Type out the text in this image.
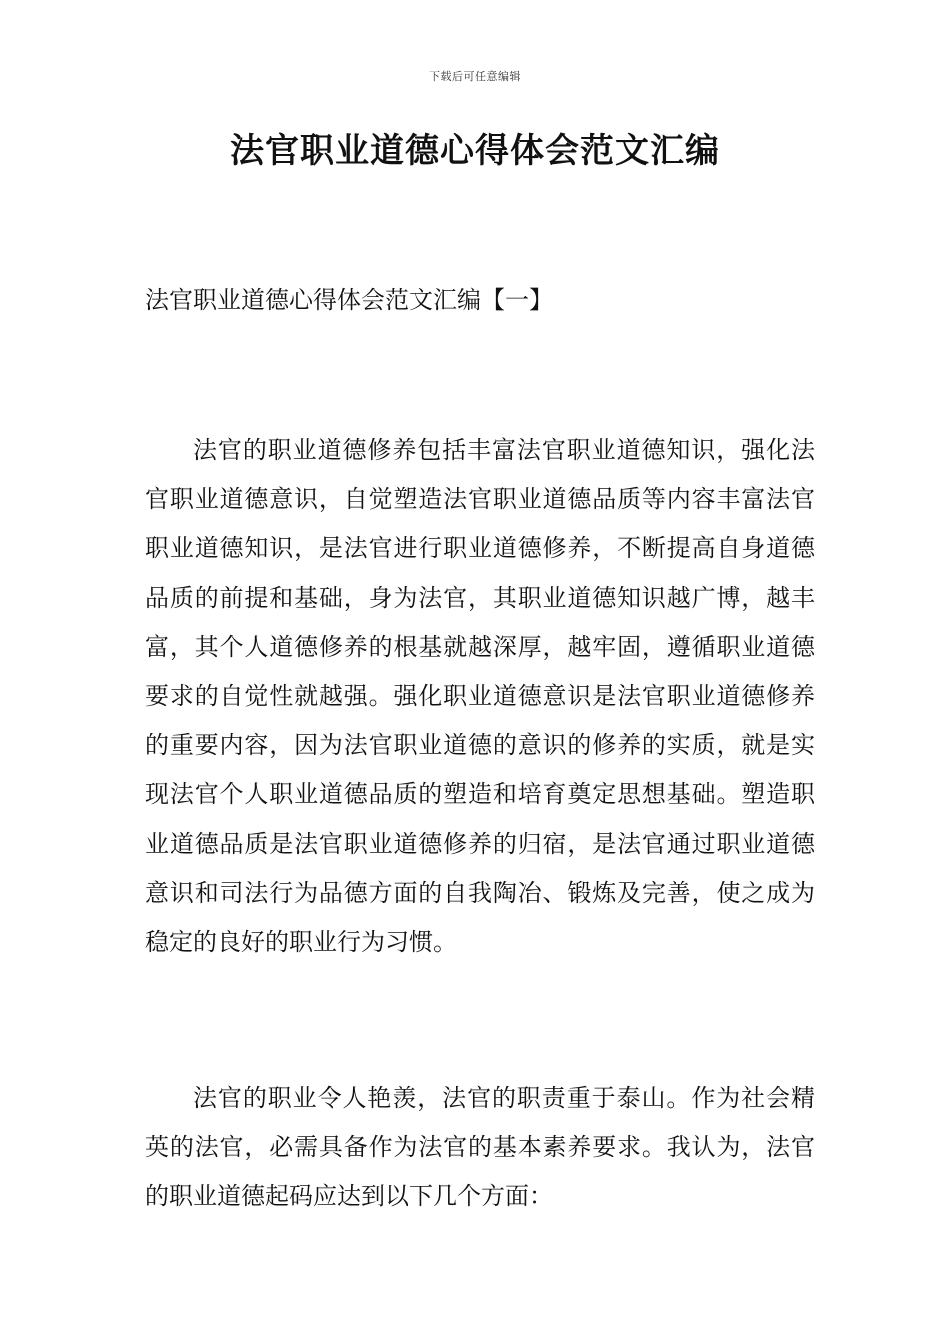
下载后可任意编辑
法官职业道德心得体会范文汇编
法官职业道德心得体会范文汇编【一】

法官的职业道德修养包括丰富法官职业道德知识，强化法官职业道德意识，自觉塑造法官职业道德品质等内容丰富法官职业道德知识，是法官进行职业道德修养，不断提高自身道德品质的前提和基础，身为法官，其职业道德知识越广博，越丰富，其个人道德修养的根基就越深厚，越牢固，遵循职业道德要求的自觉性就越强。强化职业道德意识是法官职业道德修养的重要内容，因为法官职业道德的意识的修养的实质，就是实现法官个人职业道德品质的塑造和培育奠定思想基础。塑造职业道德品质是法官职业道德修养的归宿，是法官通过职业道德意识和司法行为品德方面的自我陶冶、锻炼及完善，使之成为稳定的良好的职业行为习惯。

法官的职业令人艳羡，法官的职责重于泰山。作为社会精英的法官，必需具备作为法官的基本素养要求。我认为，法官的职业道德起码应达到以下几个方面：
